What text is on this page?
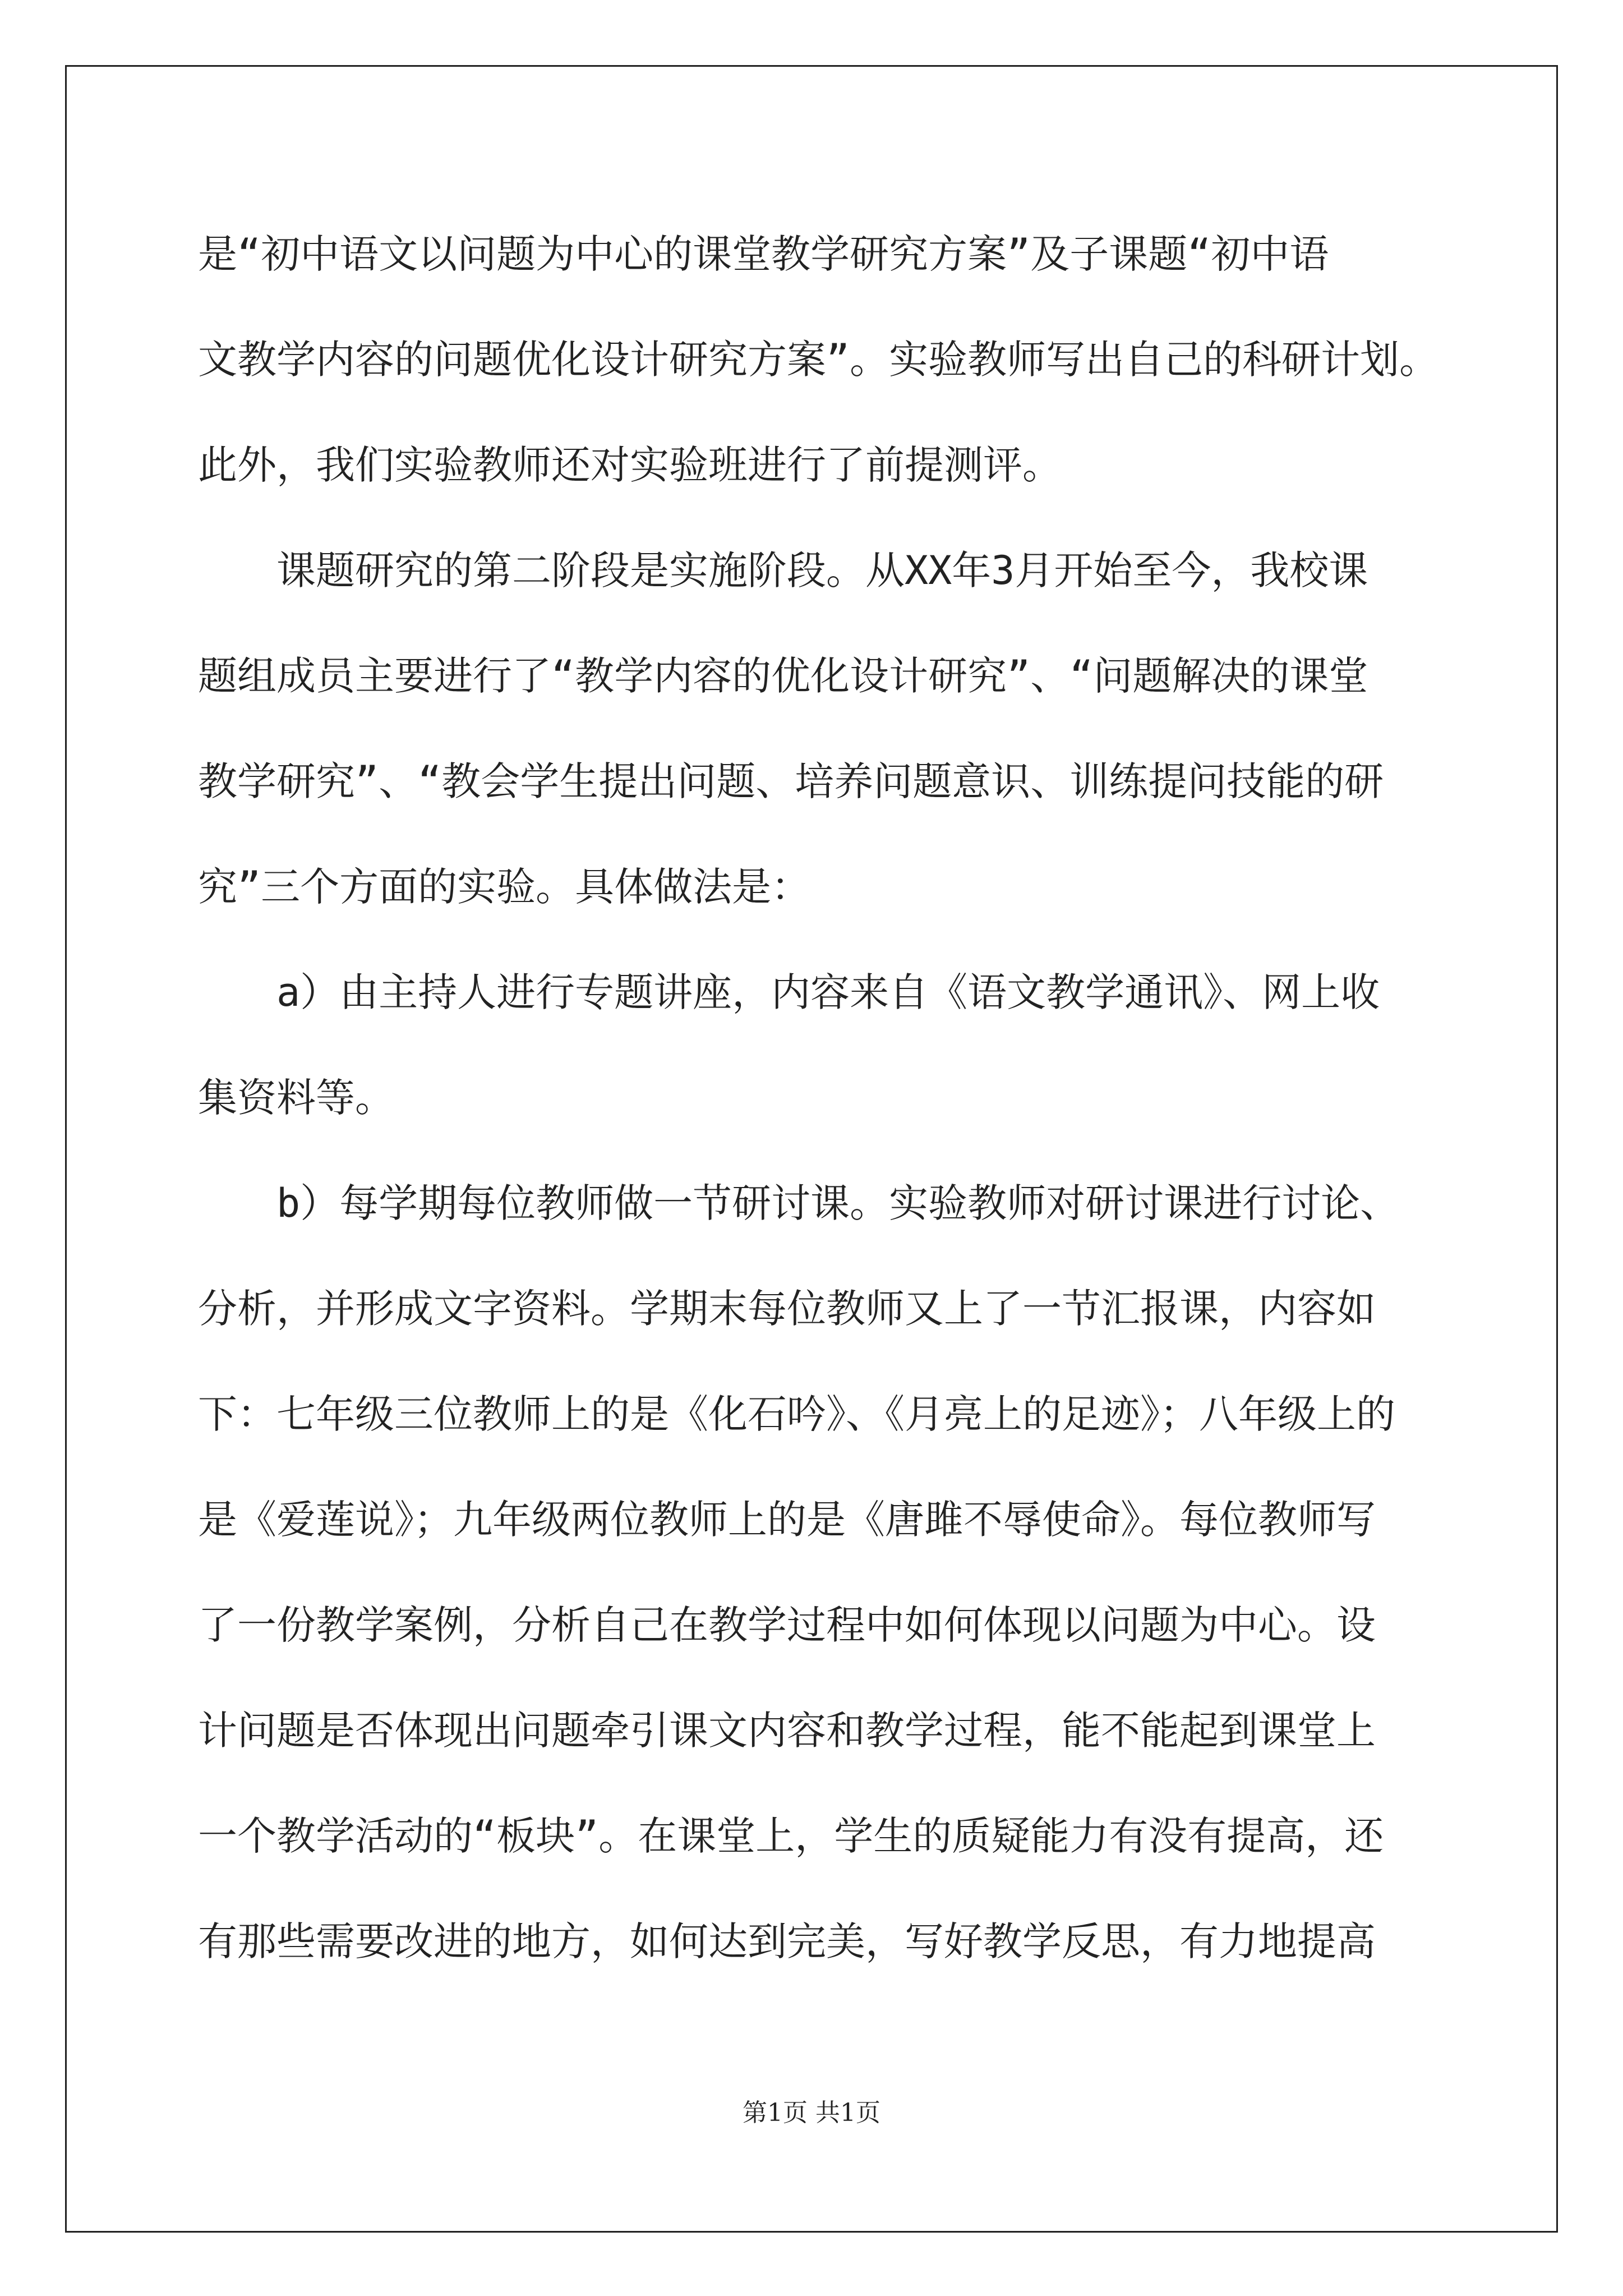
是“初中语文以问题为中心的课堂教学研究方案”及子课题“初中语

文教学内容的问题优化设计研究方案”。实验教师写出自己的科研计划。

此外，我们实验教师还对实验班进行了前提测评。

课题研究的第二阶段是实施阶段。从XX年3月开始至今，我校课

题组成员主要进行了“教学内容的优化设计研究”、“问题解决的课堂

教学研究”、“教会学生提出问题、培养问题意识、训练提问技能的研

究”三个方面的实验。具体做法是：

a）由主持人进行专题讲座，内容来自《语文教学通讯》、网上收

集资料等。

b）每学期每位教师做一节研讨课。实验教师对研讨课进行讨论、

分析，并形成文字资料。学期末每位教师又上了一节汇报课，内容如

下：七年级三位教师上的是《化石吟》、《月亮上的足迹》；八年级上的

是《爱莲说》；九年级两位教师上的是《唐雎不辱使命》。每位教师写

了一份教学案例，分析自己在教学过程中如何体现以问题为中心。设

计问题是否体现出问题牵引课文内容和教学过程，能不能起到课堂上

一个教学活动的“板块”。在课堂上，学生的质疑能力有没有提高，还

有那些需要改进的地方，如何达到完美，写好教学反思，有力地提高

第1页 共1页
